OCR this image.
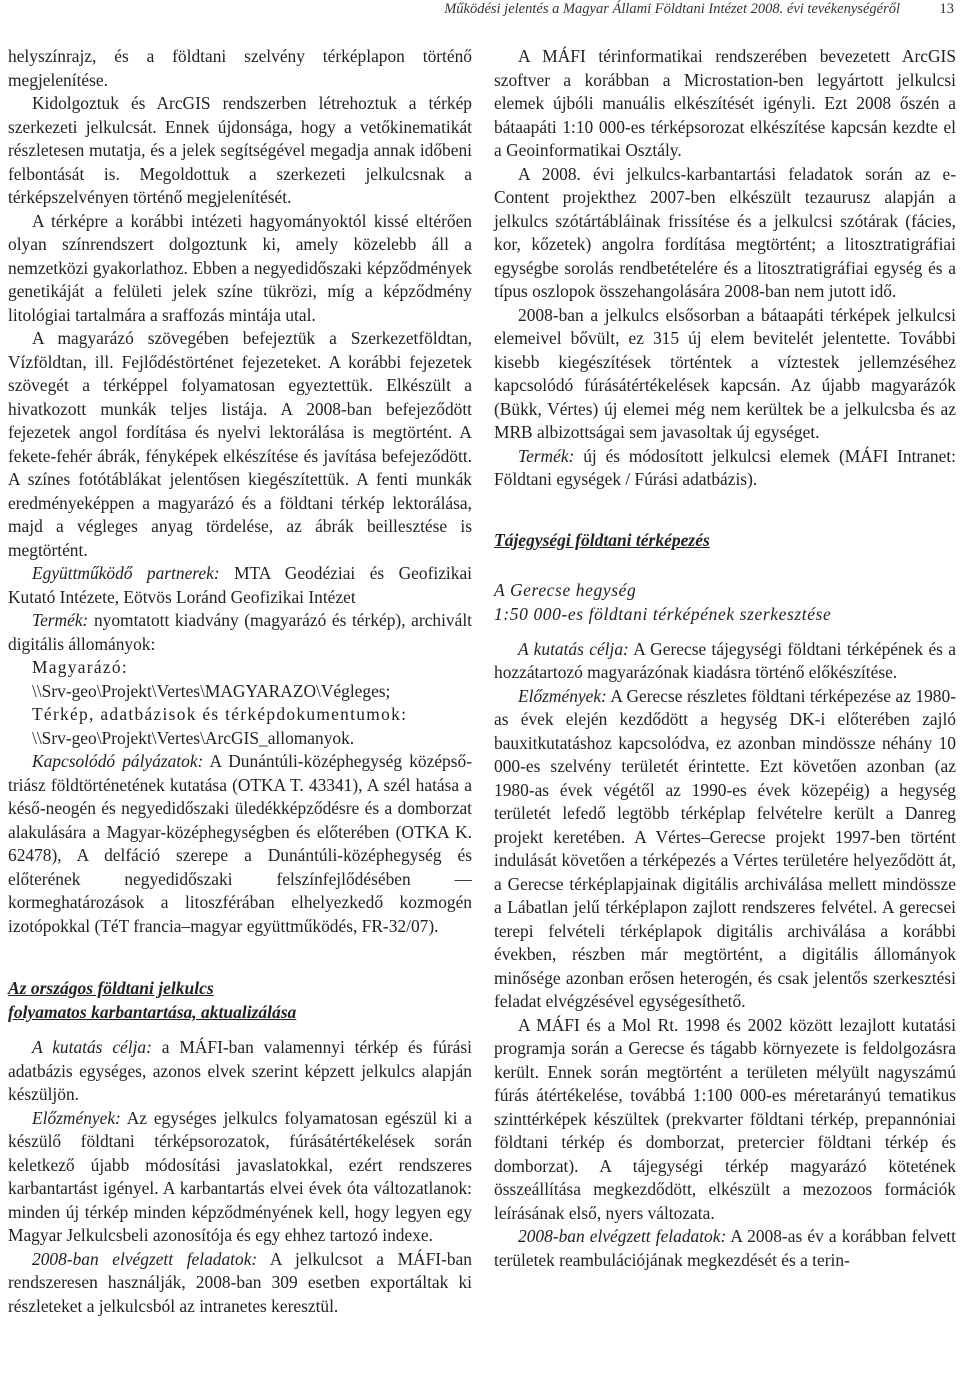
Működési jelentés a Magyar Állami Földtani Intézet 2008. évi tevékenységéről	13

helyszínrajz, és a földtani szelvény térképlapon történő megjelenítése.

Kidolgoztuk és ArcGIS rendszerben létrehoztuk a térkép szerkezeti jelkulcsát. Ennek újdonsága, hogy a vetőkinematikát részletesen mutatja, és a jelek segítségével megadja annak időbeni felbontását is. Megoldottuk a szerkezeti jelkulcsnak a térképszelvényen történő megjelenítését.

A térképre a korábbi intézeti hagyományoktól kissé eltérően olyan színrendszert dolgoztunk ki, amely közelebb áll a nemzetközi gyakorlathoz. Ebben a negyedidőszaki képződmények genetikáját a felületi jelek színe tükrözi, míg a képződmény litológiai tartalmára a sraffozás mintája utal.

A magyarázó szövegében befejeztük a Szerkezetföldtan, Vízföldtan, ill. Fejlődéstörténet fejezeteket. A korábbi fejezetek szövegét a térképpel folyamatosan egyeztettük. Elkészült a hivatkozott munkák teljes listája. A 2008-ban befejeződött fejezetek angol fordítása és nyelvi lektorálása is megtörtént. A fekete-fehér ábrák, fényképek elkészítése és javítása befejeződött. A színes fotótáblákat jelentősen kiegészítettük. A fenti munkák eredményeképpen a magyarázó és a földtani térkép lektorálása, majd a végleges anyag tördelése, az ábrák beillesztése is megtörtént.

Együttműködő partnerek: MTA Geodéziai és Geofizikai Kutató Intézete, Eötvös Loránd Geofizikai Intézet

Termék: nyomtatott kiadvány (magyarázó és térkép), archivált digitális állományok:

Magyarázó:

\\Srv-geo\Projekt\Vertes\MAGYARAZO\Végleges;

Térkép, adatbázisok és térképdokumentumok:

\\Srv-geo\Projekt\Vertes\ArcGIS_allomanyok.

Kapcsolódó pályázatok: A Dunántúli-középhegység középső-triász földtörténetének kutatása (OTKA T. 43341), A szél hatása a késő-neogén és negyedidőszaki üledékképződésre és a domborzat alakulására a Magyar-középhegységben és előterében (OTKA K. 62478), A delfáció szerepe a Dunántúli-középhegység és előterének negyedidőszaki felszínfejlődésében — kormeghatározások a litoszférában elhelyezkedő kozmogén izotópokkal (TéT francia–magyar együttműködés, FR-32/07).

Az országos földtani jelkulcs

folyamatos karbantartása, aktualizálása

A kutatás célja: a MÁFI-ban valamennyi térkép és fúrási adatbázis egységes, azonos elvek szerint képzett jelkulcs alapján készüljön.

Előzmények: Az egységes jelkulcs folyamatosan egészül ki a készülő földtani térképsorozatok, fúrásátértékelések során keletkező újabb módosítási javaslatokkal, ezért rendszeres karbantartást igényel. A karbantartás elvei évek óta változatlanok: minden új térkép minden képződményének kell, hogy legyen egy Magyar Jelkulcsbeli azonosítója és egy ehhez tartozó indexe.

2008-ban elvégzett feladatok: A jelkulcsot a MÁFI-ban rendszeresen használják, 2008-ban 309 esetben exportáltak ki részleteket a jelkulcsból az intranetes keresztül.

A MÁFI térinformatikai rendszerében bevezetett ArcGIS szoftver a korábban a Microstation-ben legyártott jelkulcsi elemek újbóli manuális elkészítését igényli. Ezt 2008 őszén a bátaapáti 1:10 000-es térképsorozat elkészítése kapcsán kezdte el a Geoinformatikai Osztály.

A 2008. évi jelkulcs-karbantartási feladatok során az e-Content projekthez 2007-ben elkészült tezaurusz alapján a jelkulcs szótártábláinak frissítése és a jelkulcsi szótárak (fácies, kor, kőzetek) angolra fordítása megtörtént; a litosztratigráfiai egységbe sorolás rendbetételére és a litosztratigráfiai egység és a típus oszlopok összehangolására 2008-ban nem jutott idő.

2008-ban a jelkulcs elsősorban a bátaapáti térképek jelkulcsi elemeivel bővült, ez 315 új elem bevitelét jelentette. További kisebb kiegészítések történtek a víztestek jellemzéséhez kapcsolódó fúrásátértékelések kapcsán. Az újabb magyarázók (Bükk, Vértes) új elemei még nem kerültek be a jelkulcsba és az MRB albizottságai sem javasoltak új egységet.

Termék: új és módosított jelkulcsi elemek (MÁFI Intranet: Földtani egységek / Fúrási adatbázis).

Tájegységi földtani térképezés

A Gerecse hegység

1:50 000-es földtani térképének szerkesztése

A kutatás célja: A Gerecse tájegységi földtani térképének és a hozzátartozó magyarázónak kiadásra történő előkészítése.

Előzmények: A Gerecse részletes földtani térképezése az 1980-as évek elején kezdődött a hegység DK-i előterében zajló bauxitkutatáshoz kapcsolódva, ez azonban mindössze néhány 10 000-es szelvény területét érintette. Ezt követően azonban (az 1980-as évek végétől az 1990-es évek közepéig) a hegység területét lefedő legtöbb térképlap felvételre került a Danreg projekt keretében. A Vértes–Gerecse projekt 1997-ben történt indulását követően a térképezés a Vértes területére helyeződött át, a Gerecse térképlapjainak digitális archiválása mellett mindössze a Lábatlan jelű térképlapon zajlott rendszeres felvétel. A gerecsei terepi felvételi térképlapok digitális archiválása a korábbi években, részben már megtörtént, a digitális állományok minősége azonban erősen heterogén, és csak jelentős szerkesztési feladat elvégzésével egységesíthető.

A MÁFI és a Mol Rt. 1998 és 2002 között lezajlott kutatási programja során a Gerecse és tágabb környezete is feldolgozásra került. Ennek során megtörtént a területen mélyült nagyszámú fúrás átértékelése, továbbá 1:100 000-es méretarányú tematikus szinttérképek készültek (prekvarter földtani térkép, prepannóniai földtani térkép és domborzat, pretercier földtani térkép és domborzat). A tájegységi térkép magyarázó kötetének összeállítása megkezdődött, elkészült a mezozoos formációk leírásának első, nyers változata.

2008-ban elvégzett feladatok: A 2008-as év a korábban felvett területek reambulációjának megkezdését és a terin-
